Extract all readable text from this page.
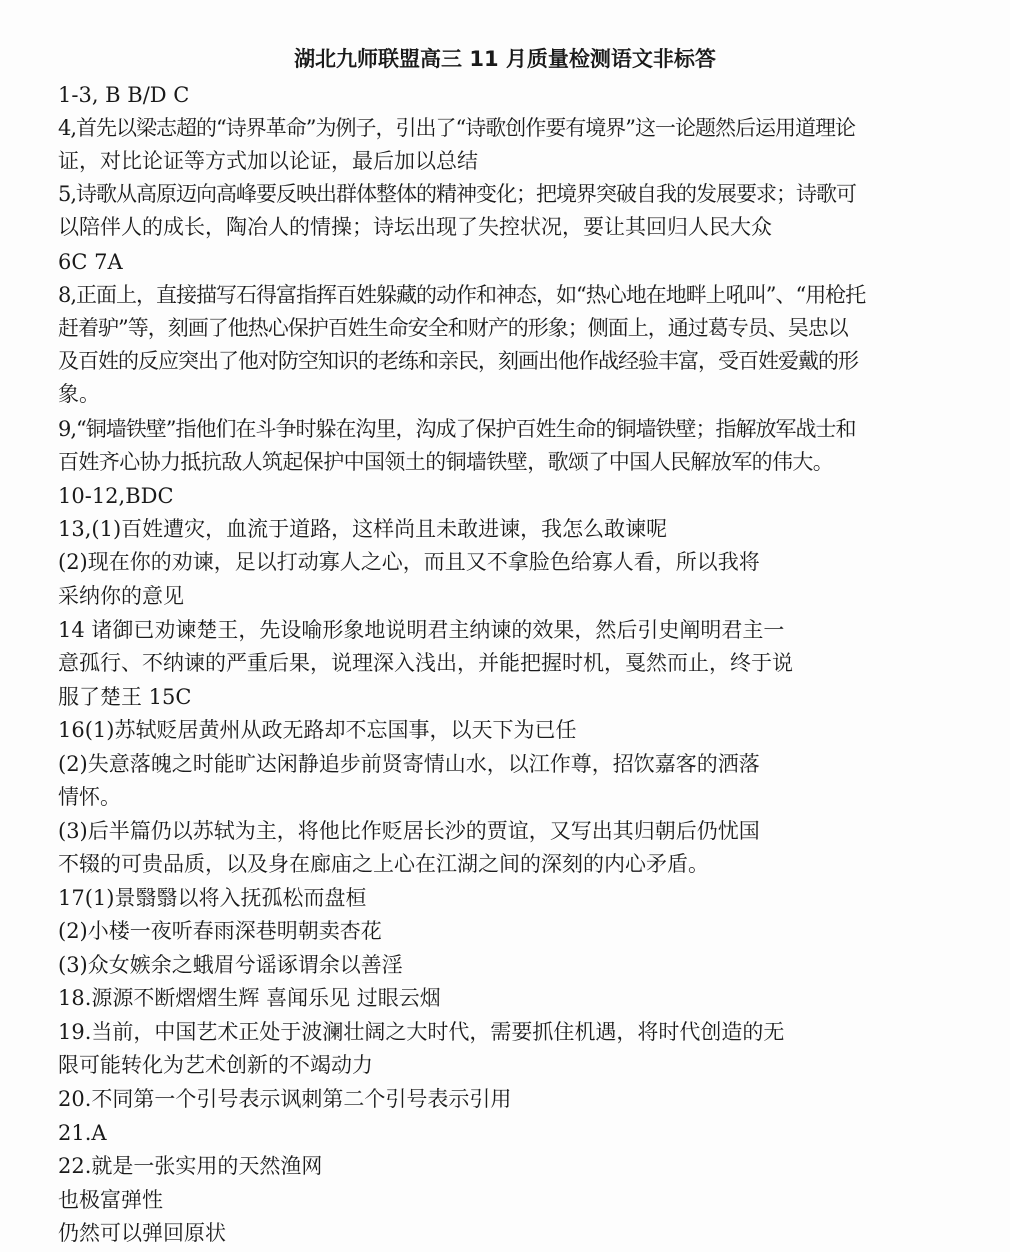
湖北九师联盟高三 11 月质量检测语文非标答
1-3, B B/D C
4,首先以梁志超的“诗界革命”为例子，引出了“诗歌创作要有境界”这一论题然后运用道理论
证，对比论证等方式加以论证，最后加以总结
5,诗歌从高原迈向高峰要反映出群体整体的精神变化；把境界突破自我的发展要求；诗歌可
以陪伴人的成长，陶冶人的情操；诗坛出现了失控状况，要让其回归人民大众
6C 7A
8,正面上，直接描写石得富指挥百姓躲藏的动作和神态，如“热心地在地畔上吼叫”、“用枪托
赶着驴”等，刻画了他热心保护百姓生命安全和财产的形象；侧面上，通过葛专员、吴忠以
及百姓的反应突出了他对防空知识的老练和亲民，刻画出他作战经验丰富，受百姓爱戴的形
象。
9,“铜墙铁壁”指他们在斗争时躲在沟里，沟成了保护百姓生命的铜墙铁壁；指解放军战士和
百姓齐心协力抵抗敌人筑起保护中国领土的铜墙铁壁，歌颂了中国人民解放军的伟大。
10-12,BDC
13,(1)百姓遭灾，血流于道路，这样尚且未敢进谏，我怎么敢谏呢
(2)现在你的劝谏，足以打动寡人之心，而且又不拿脸色给寡人看，所以我将
采纳你的意见
14 诸御已劝谏楚王，先设喻形象地说明君主纳谏的效果，然后引史阐明君主一
意孤行、不纳谏的严重后果，说理深入浅出，并能把握时机，戛然而止，终于说
服了楚王 15C
16(1)苏轼贬居黄州从政无路却不忘国事，以天下为已任
(2)失意落魄之时能旷达闲静追步前贤寄情山水，以江作尊，招饮嘉客的洒落
情怀。
(3)后半篇仍以苏轼为主，将他比作贬居长沙的贾谊，又写出其归朝后仍忧国
不辍的可贵品质，以及身在廊庙之上心在江湖之间的深刻的内心矛盾。
17(1)景翳翳以将入抚孤松而盘桓
(2)小楼一夜听春雨深巷明朝卖杏花
(3)众女嫉余之蛾眉兮谣诼谓余以善淫
18.源源不断熠熠生辉 喜闻乐见 过眼云烟
19.当前，中国艺术正处于波澜壮阔之大时代，需要抓住机遇，将时代创造的无
限可能转化为艺术创新的不竭动力
20.不同第一个引号表示讽刺第二个引号表示引用
21.A
22.就是一张实用的天然渔网
也极富弹性
仍然可以弹回原状
